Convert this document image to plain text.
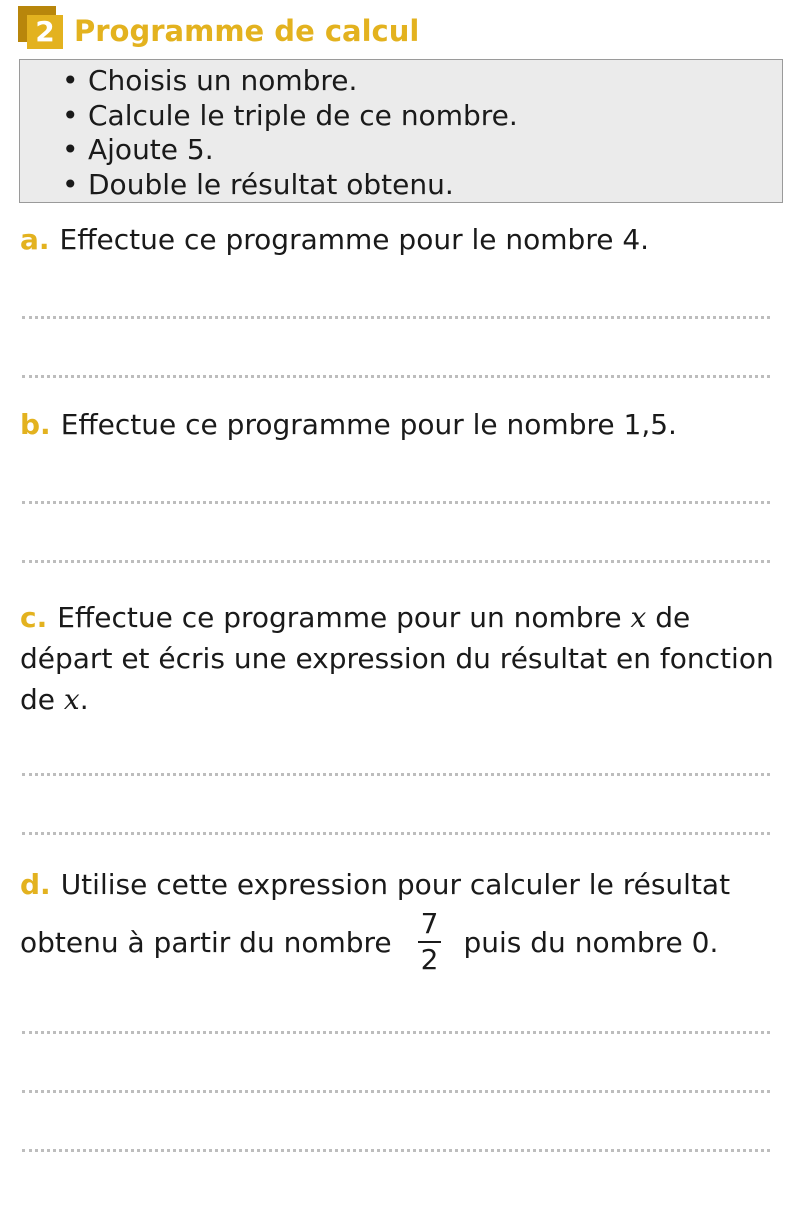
2 Programme de calcul
• Choisis un nombre.
• Calcule le triple de ce nombre.
• Ajoute 5.
• Double le résultat obtenu.
a. Effectue ce programme pour le nombre 4.
b. Effectue ce programme pour le nombre 1,5.
c. Effectue ce programme pour un nombre x de départ et écris une expression du résultat en fonction de x.
d. Utilise cette expression pour calculer le résultat obtenu à partir du nombre $\frac{7}{2}$ puis du nombre 0.
